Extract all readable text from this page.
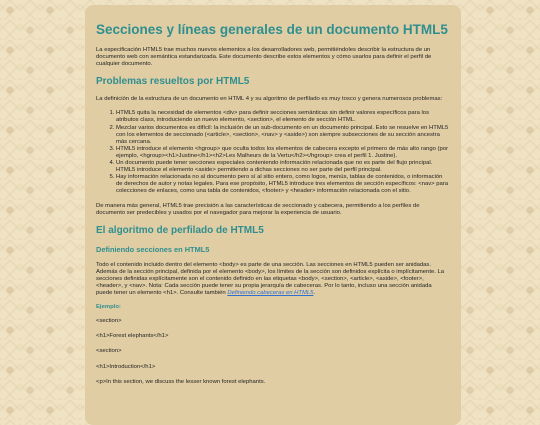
Secciones y líneas generales de un documento HTML5

La especificación HTML5 trae muchos nuevos elementos a los desarrolladores web, permitiéndoles describir la estructura de un documento web con semántica estandarizada. Este documento describe estos elementos y cómo usarlos para definir el perfil de cualquier documento.

Problemas resueltos por HTML5

La definición de la estructura de un documento en HTML 4 y su algoritmo de perfilado es muy tosco y genera numerosos problemas:

1. HTML5 quita la necesidad de elementos <div> para definir secciones semánticas sin definir valores específicos para los atributos class, introduciendo un nuevo elemento, <section>, el elemento de sección HTML.
2. Mezclar varios documentos es difícil: la inclusión de un sub-documento en un documento principal. Esto se resuelve en HTML5 con los elementos de seccionado (<article>, <section>, <nav> y <aside>) son siempre subsecciones de su sección ancestra más cercana.
3. HTML5 introduce el elemento <hgroup> que oculta todos los elementos de cabecera excepto el primero de más alto rango (por ejemplo, <hgroup><h1>Justine</h1><h2>Les Malheurs de la Vertu</h2></hgroup> crea el perfil 1. Justine).
4. Un documento puede tener secciones especiales conteniendo información relacionada que no es parte del flujo principal. HTML5 introduce el elemento <aside> permitiendo a dichas secciones no ser parte del perfil principal.
5. Hay información relacionada no al documento pero sí al sitio entero, como logos, menús, tablas de contenidos, o información de derechos de autor y notas legales. Para ese propósito, HTML5 introduce tres elementos de sección específicos: <nav> para colecciones de enlaces, como una tabla de contenidos, <footer> y <header> información relacionada con el sitio.

De manera más general, HTML5 trae precisión a las características de seccionado y cabecera, permitiendo a los perfiles de documento ser predecibles y usados por el navegador para mejorar la experiencia de usuario.

El algoritmo de perfilado de HTML5
Definiendo secciones en HTML5

Todo el contenido incluido dentro del elemento <body> es parte de una sección. Las secciones en HTML5 pueden ser anidadas. Además de la sección principal, definida por el elemento <body>, los límites de la sección son definidos explícita o implícitamente. La secciones definidas explícitamente son el contenido definido en las etiquetas <body>, <section>, <article>, <aside>, <footer>, <header>, y <nav>. Nota: Cada sección puede tener su propia jerarquía de cabeceras. Por lo tanto, incluso una sección anidada puede tener un elemento <h1>. Consulte también Definiendo cabeceras en HTML5.

Ejemplo:

<section>

<h1>Forest elephants</h1>

<section>

<h1>Introduction</h1>

<p>In this section, we discuss the lesser known forest elephants.
